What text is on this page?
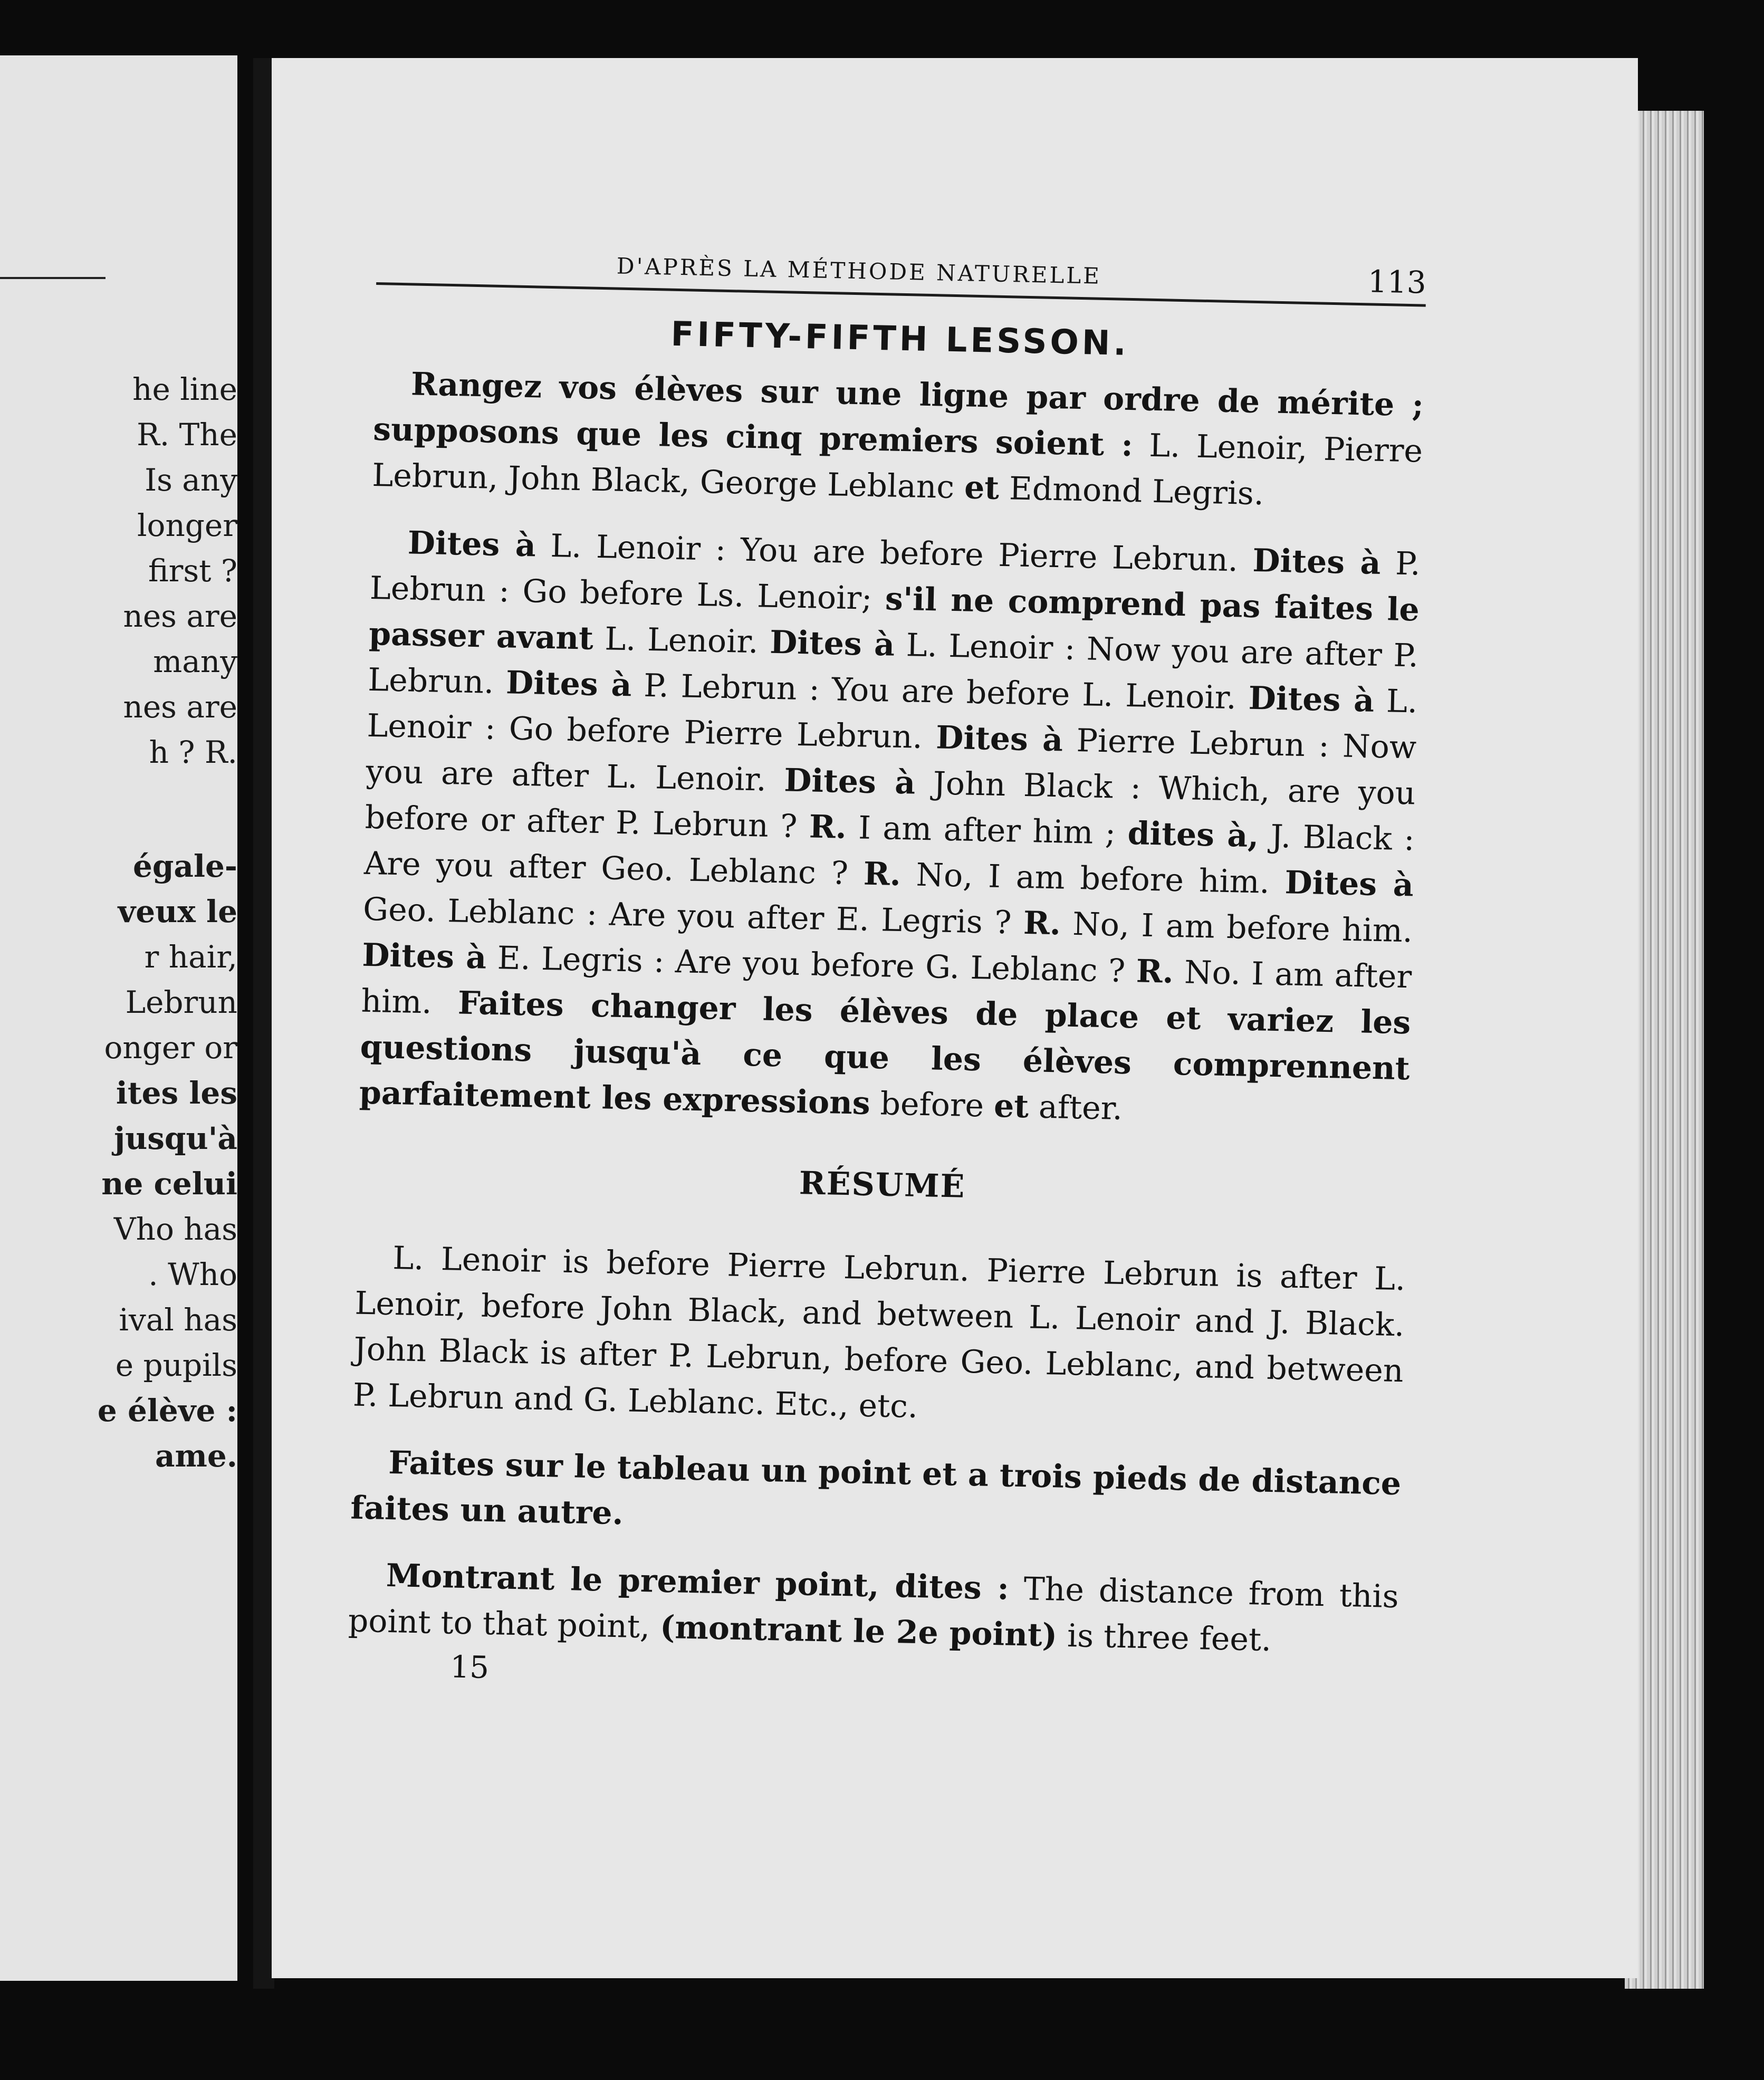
he line
R. The
Is any
longer
first ?
nes are
many
nes are
h ? R.
égale-
veux le
r hair,
Lebrun
onger or
ites les
jusqu'à
ne celui
Vho has
. Who
ival has
e pupils
e élève :
ame.
D'APRÈS LA MÉTHODE NATURELLE	113
FIFTY-FIFTH LESSON.

Rangez vos élèves sur une ligne par ordre de mérite ; supposons que les cinq premiers soient : L. Lenoir, Pierre Lebrun, John Black, George Leblanc et Edmond Legris.

Dites à L. Lenoir : You are before Pierre Lebrun. Dites à P. Lebrun : Go before Ls. Lenoir; s'il ne comprend pas faites le passer avant L. Lenoir. Dites à L. Lenoir : Now you are after P. Lebrun. Dites à P. Lebrun : You are before L. Lenoir. Dites à L. Lenoir : Go before Pierre Lebrun. Dites à Pierre Lebrun : Now you are after L. Lenoir. Dites à John Black : Which, are you before or after P. Lebrun ? R. I am after him ; dites à, J. Black : Are you after Geo. Leblanc ? R. No, I am before him. Dites à Geo. Leblanc : Are you after E. Legris ? R. No, I am before him. Dites à E. Legris : Are you before G. Leblanc ? R. No. I am after him. Faites changer les élèves de place et variez les questions jusqu'à ce que les élèves comprennent parfaitement les expressions before et after.

RÉSUMÉ

L. Lenoir is before Pierre Lebrun. Pierre Lebrun is after L. Lenoir, before John Black, and between L. Lenoir and J. Black. John Black is after P. Lebrun, before Geo. Leblanc, and between P. Lebrun and G. Leblanc. Etc., etc.

Faites sur le tableau un point et a trois pieds de distance faites un autre.

Montrant le premier point, dites : The distance from this point to that point, (montrant le 2e point) is three feet.

15
